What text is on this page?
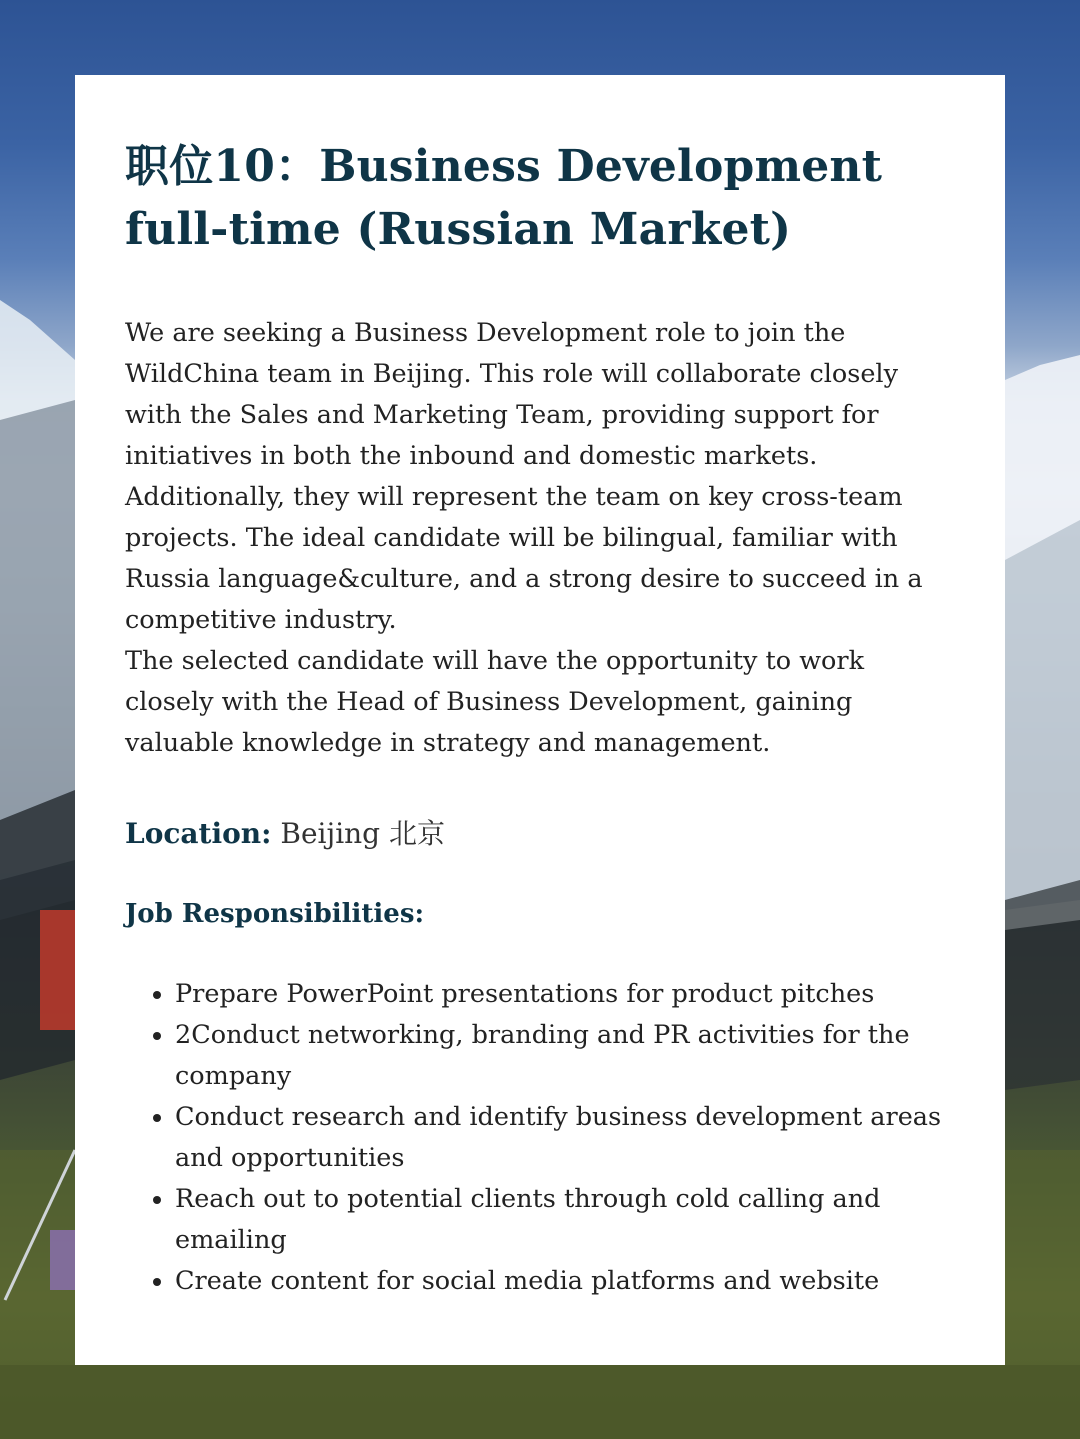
职位10：Business Development
full-time (Russian Market)

We are seeking a Business Development role to join the WildChina team in Beijing. This role will collaborate closely with the Sales and Marketing Team, providing support for initiatives in both the inbound and domestic markets. Additionally, they will represent the team on key cross-team projects. The ideal candidate will be bilingual, familiar with Russia language&culture, and a strong desire to succeed in a competitive industry.

The selected candidate will have the opportunity to work closely with the Head of Business Development, gaining valuable knowledge in strategy and management.

Location: Beijing 北京
Job Responsibilities:
• Prepare PowerPoint presentations for product pitches
• 2Conduct networking, branding and PR activities for the company
• Conduct research and identify business development areas and opportunities
• Reach out to potential clients through cold calling and emailing
• Create content for social media platforms and website
